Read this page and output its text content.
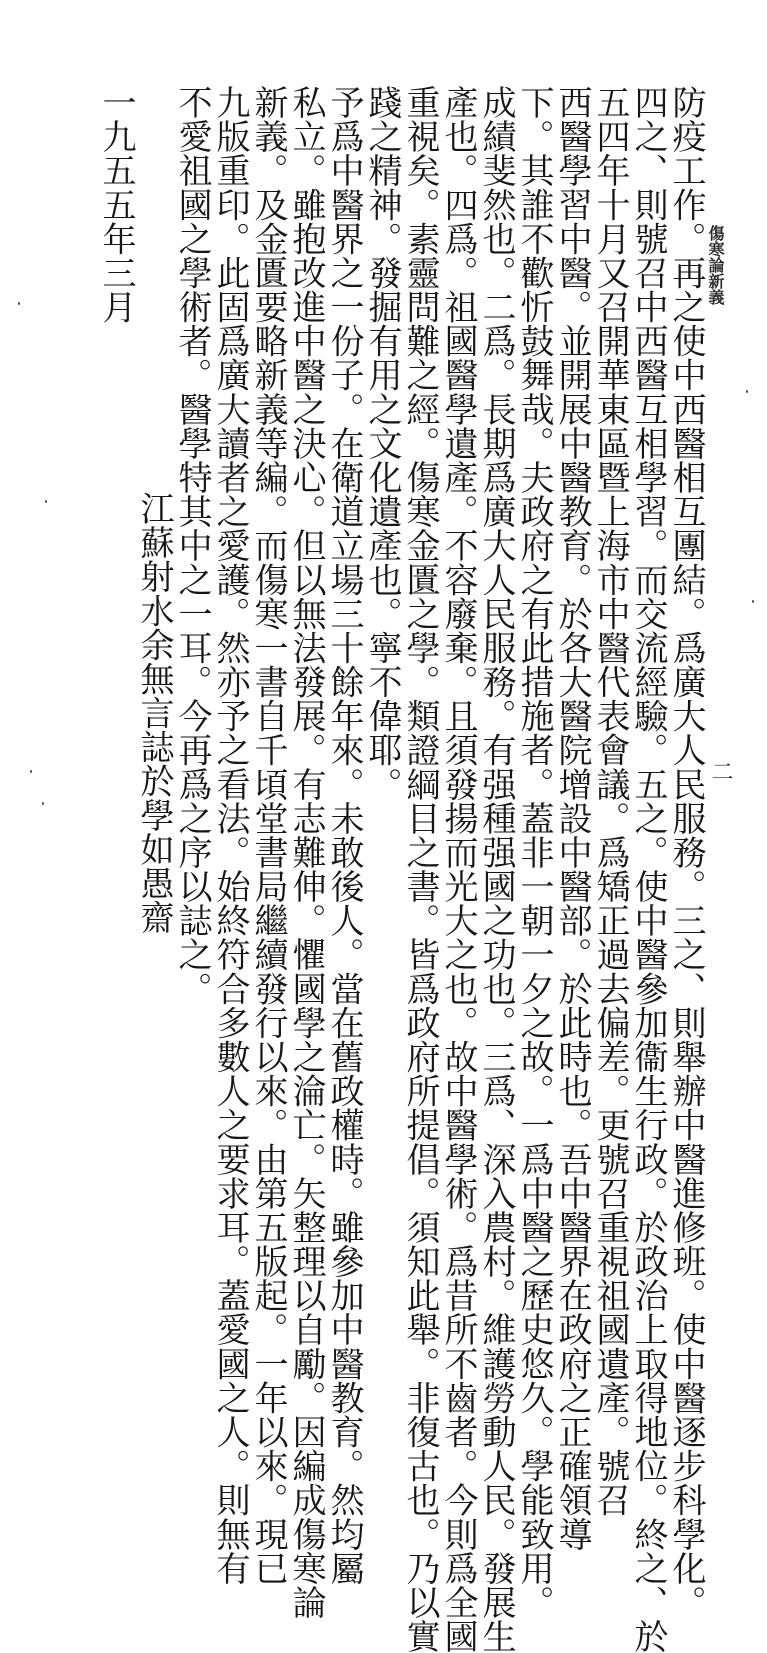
傷寒論新義
二
防疫工作。再之使中西醫相互團結。爲廣大人民服務。三之、則舉辦中醫進修班。使中醫逐步科學化。
四之、則號召中西醫互相學習。而交流經驗。五之。使中醫參加衞生行政。於政治上取得地位。終之、於
五四年十月又召開華東區暨上海市中醫代表會議。爲矯正過去偏差。更號召重視祖國遺產。號召
西醫學習中醫。並開展中醫教育。於各大醫院增設中醫部。於此時也。吾中醫界在政府之正確領導
下。其誰不歡忻鼓舞哉。夫政府之有此措施者。蓋非一朝一夕之故。一爲中醫之歷史悠久。學能致用。
成績斐然也。二爲。長期爲廣大人民服務。有强種强國之功也。三爲、深入農村。維護勞動人民。發展生
產也。四爲。祖國醫學遺產。不容廢棄。且須發揚而光大之也。故中醫學術。爲昔所不齒者。今則爲全國
重視矣。素靈問難之經。傷寒金匱之學。類證綱目之書。皆爲政府所提倡。須知此舉。非復古也。乃以實
踐之精神。發掘有用之文化遺產也。寧不偉耶。
予爲中醫界之一份子。在衛道立場三十餘年來。未敢後人。當在舊政權時。雖參加中醫教育。然均屬
私立。雖抱改進中醫之決心。但以無法發展。有志難伸。懼國學之淪亡。矢整理以自勵。因編成傷寒論
新義。及金匱要略新義等編。而傷寒一書自千頃堂書局繼續發行以來。由第五版起。一年以來。現已
九版重印。此固爲廣大讀者之愛護。然亦予之看法。始終符合多數人之要求耳。蓋愛國之人。則無有
不愛祖國之學術者。醫學特其中之一耳。今再爲之序以誌之。
江蘇射水余無言誌於學如愚齋
一九五五年三月
